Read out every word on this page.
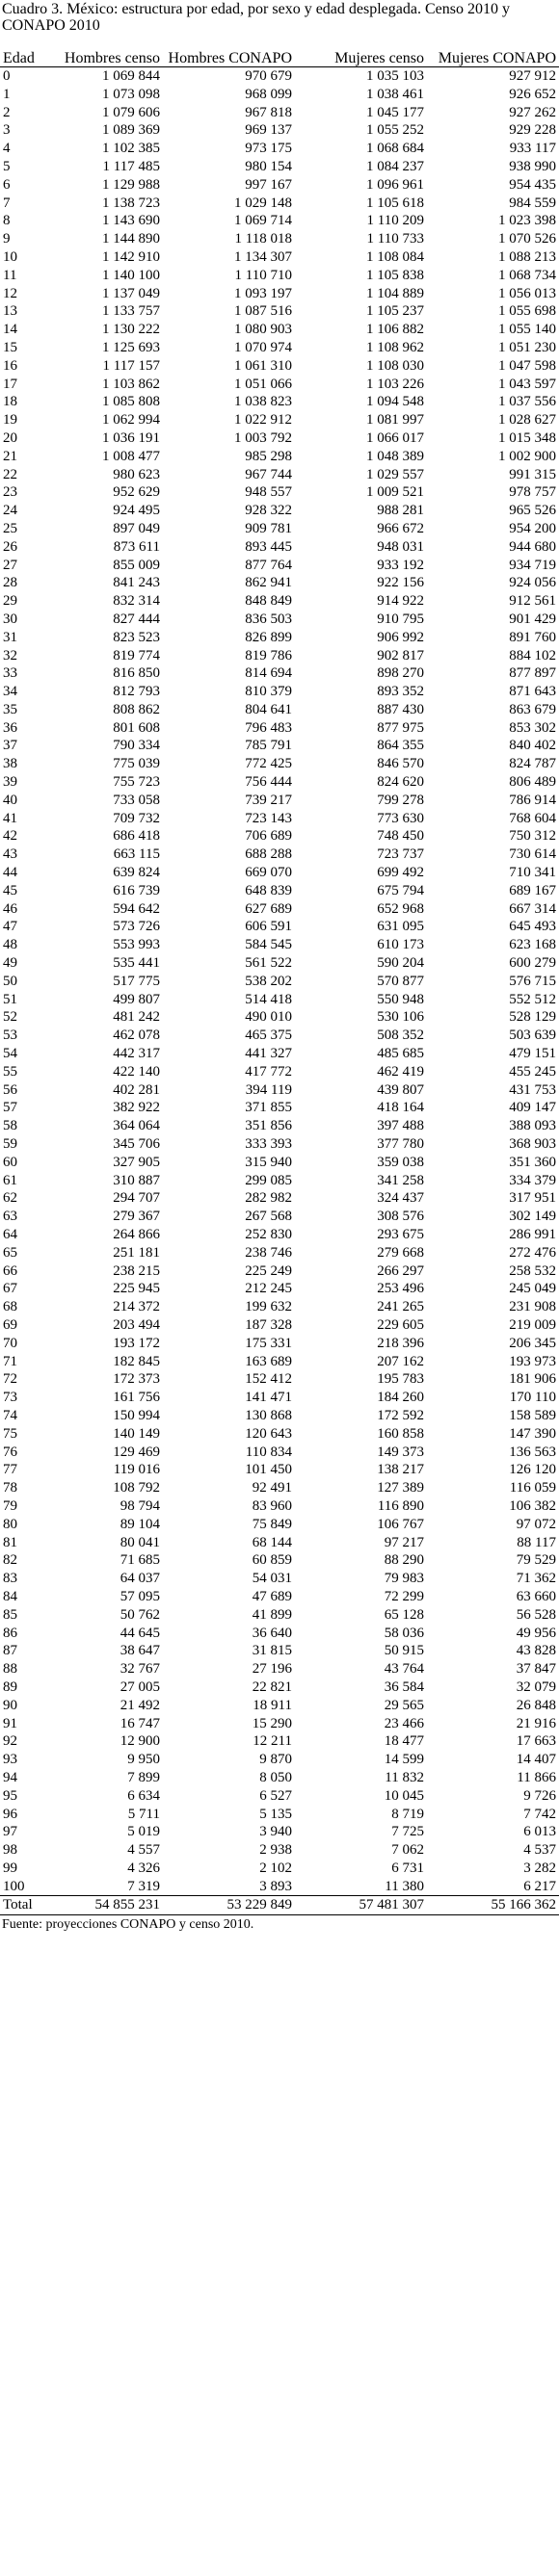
Cuadro 3. México: estructura por edad, por sexo y edad desplegada. Censo 2010 y CONAPO 2010
Edad	Hombres censo	Hombres CONAPO	Mujeres censo	Mujeres CONAPO
0	1 069 844	970 679	1 035 103	927 912
1	1 073 098	968 099	1 038 461	926 652
2	1 079 606	967 818	1 045 177	927 262
3	1 089 369	969 137	1 055 252	929 228
4	1 102 385	973 175	1 068 684	933 117
5	1 117 485	980 154	1 084 237	938 990
6	1 129 988	997 167	1 096 961	954 435
7	1 138 723	1 029 148	1 105 618	984 559
8	1 143 690	1 069 714	1 110 209	1 023 398
9	1 144 890	1 118 018	1 110 733	1 070 526
10	1 142 910	1 134 307	1 108 084	1 088 213
11	1 140 100	1 110 710	1 105 838	1 068 734
12	1 137 049	1 093 197	1 104 889	1 056 013
13	1 133 757	1 087 516	1 105 237	1 055 698
14	1 130 222	1 080 903	1 106 882	1 055 140
15	1 125 693	1 070 974	1 108 962	1 051 230
16	1 117 157	1 061 310	1 108 030	1 047 598
17	1 103 862	1 051 066	1 103 226	1 043 597
18	1 085 808	1 038 823	1 094 548	1 037 556
19	1 062 994	1 022 912	1 081 997	1 028 627
20	1 036 191	1 003 792	1 066 017	1 015 348
21	1 008 477	985 298	1 048 389	1 002 900
22	980 623	967 744	1 029 557	991 315
23	952 629	948 557	1 009 521	978 757
24	924 495	928 322	988 281	965 526
25	897 049	909 781	966 672	954 200
26	873 611	893 445	948 031	944 680
27	855 009	877 764	933 192	934 719
28	841 243	862 941	922 156	924 056
29	832 314	848 849	914 922	912 561
30	827 444	836 503	910 795	901 429
31	823 523	826 899	906 992	891 760
32	819 774	819 786	902 817	884 102
33	816 850	814 694	898 270	877 897
34	812 793	810 379	893 352	871 643
35	808 862	804 641	887 430	863 679
36	801 608	796 483	877 975	853 302
37	790 334	785 791	864 355	840 402
38	775 039	772 425	846 570	824 787
39	755 723	756 444	824 620	806 489
40	733 058	739 217	799 278	786 914
41	709 732	723 143	773 630	768 604
42	686 418	706 689	748 450	750 312
43	663 115	688 288	723 737	730 614
44	639 824	669 070	699 492	710 341
45	616 739	648 839	675 794	689 167
46	594 642	627 689	652 968	667 314
47	573 726	606 591	631 095	645 493
48	553 993	584 545	610 173	623 168
49	535 441	561 522	590 204	600 279
50	517 775	538 202	570 877	576 715
51	499 807	514 418	550 948	552 512
52	481 242	490 010	530 106	528 129
53	462 078	465 375	508 352	503 639
54	442 317	441 327	485 685	479 151
55	422 140	417 772	462 419	455 245
56	402 281	394 119	439 807	431 753
57	382 922	371 855	418 164	409 147
58	364 064	351 856	397 488	388 093
59	345 706	333 393	377 780	368 903
60	327 905	315 940	359 038	351 360
61	310 887	299 085	341 258	334 379
62	294 707	282 982	324 437	317 951
63	279 367	267 568	308 576	302 149
64	264 866	252 830	293 675	286 991
65	251 181	238 746	279 668	272 476
66	238 215	225 249	266 297	258 532
67	225 945	212 245	253 496	245 049
68	214 372	199 632	241 265	231 908
69	203 494	187 328	229 605	219 009
70	193 172	175 331	218 396	206 345
71	182 845	163 689	207 162	193 973
72	172 373	152 412	195 783	181 906
73	161 756	141 471	184 260	170 110
74	150 994	130 868	172 592	158 589
75	140 149	120 643	160 858	147 390
76	129 469	110 834	149 373	136 563
77	119 016	101 450	138 217	126 120
78	108 792	92 491	127 389	116 059
79	98 794	83 960	116 890	106 382
80	89 104	75 849	106 767	97 072
81	80 041	68 144	97 217	88 117
82	71 685	60 859	88 290	79 529
83	64 037	54 031	79 983	71 362
84	57 095	47 689	72 299	63 660
85	50 762	41 899	65 128	56 528
86	44 645	36 640	58 036	49 956
87	38 647	31 815	50 915	43 828
88	32 767	27 196	43 764	37 847
89	27 005	22 821	36 584	32 079
90	21 492	18 911	29 565	26 848
91	16 747	15 290	23 466	21 916
92	12 900	12 211	18 477	17 663
93	9 950	9 870	14 599	14 407
94	7 899	8 050	11 832	11 866
95	6 634	6 527	10 045	9 726
96	5 711	5 135	8 719	7 742
97	5 019	3 940	7 725	6 013
98	4 557	2 938	7 062	4 537
99	4 326	2 102	6 731	3 282
100	7 319	3 893	11 380	6 217
Total	54 855 231	53 229 849	57 481 307	55 166 362
Fuente: proyecciones CONAPO y censo 2010.
